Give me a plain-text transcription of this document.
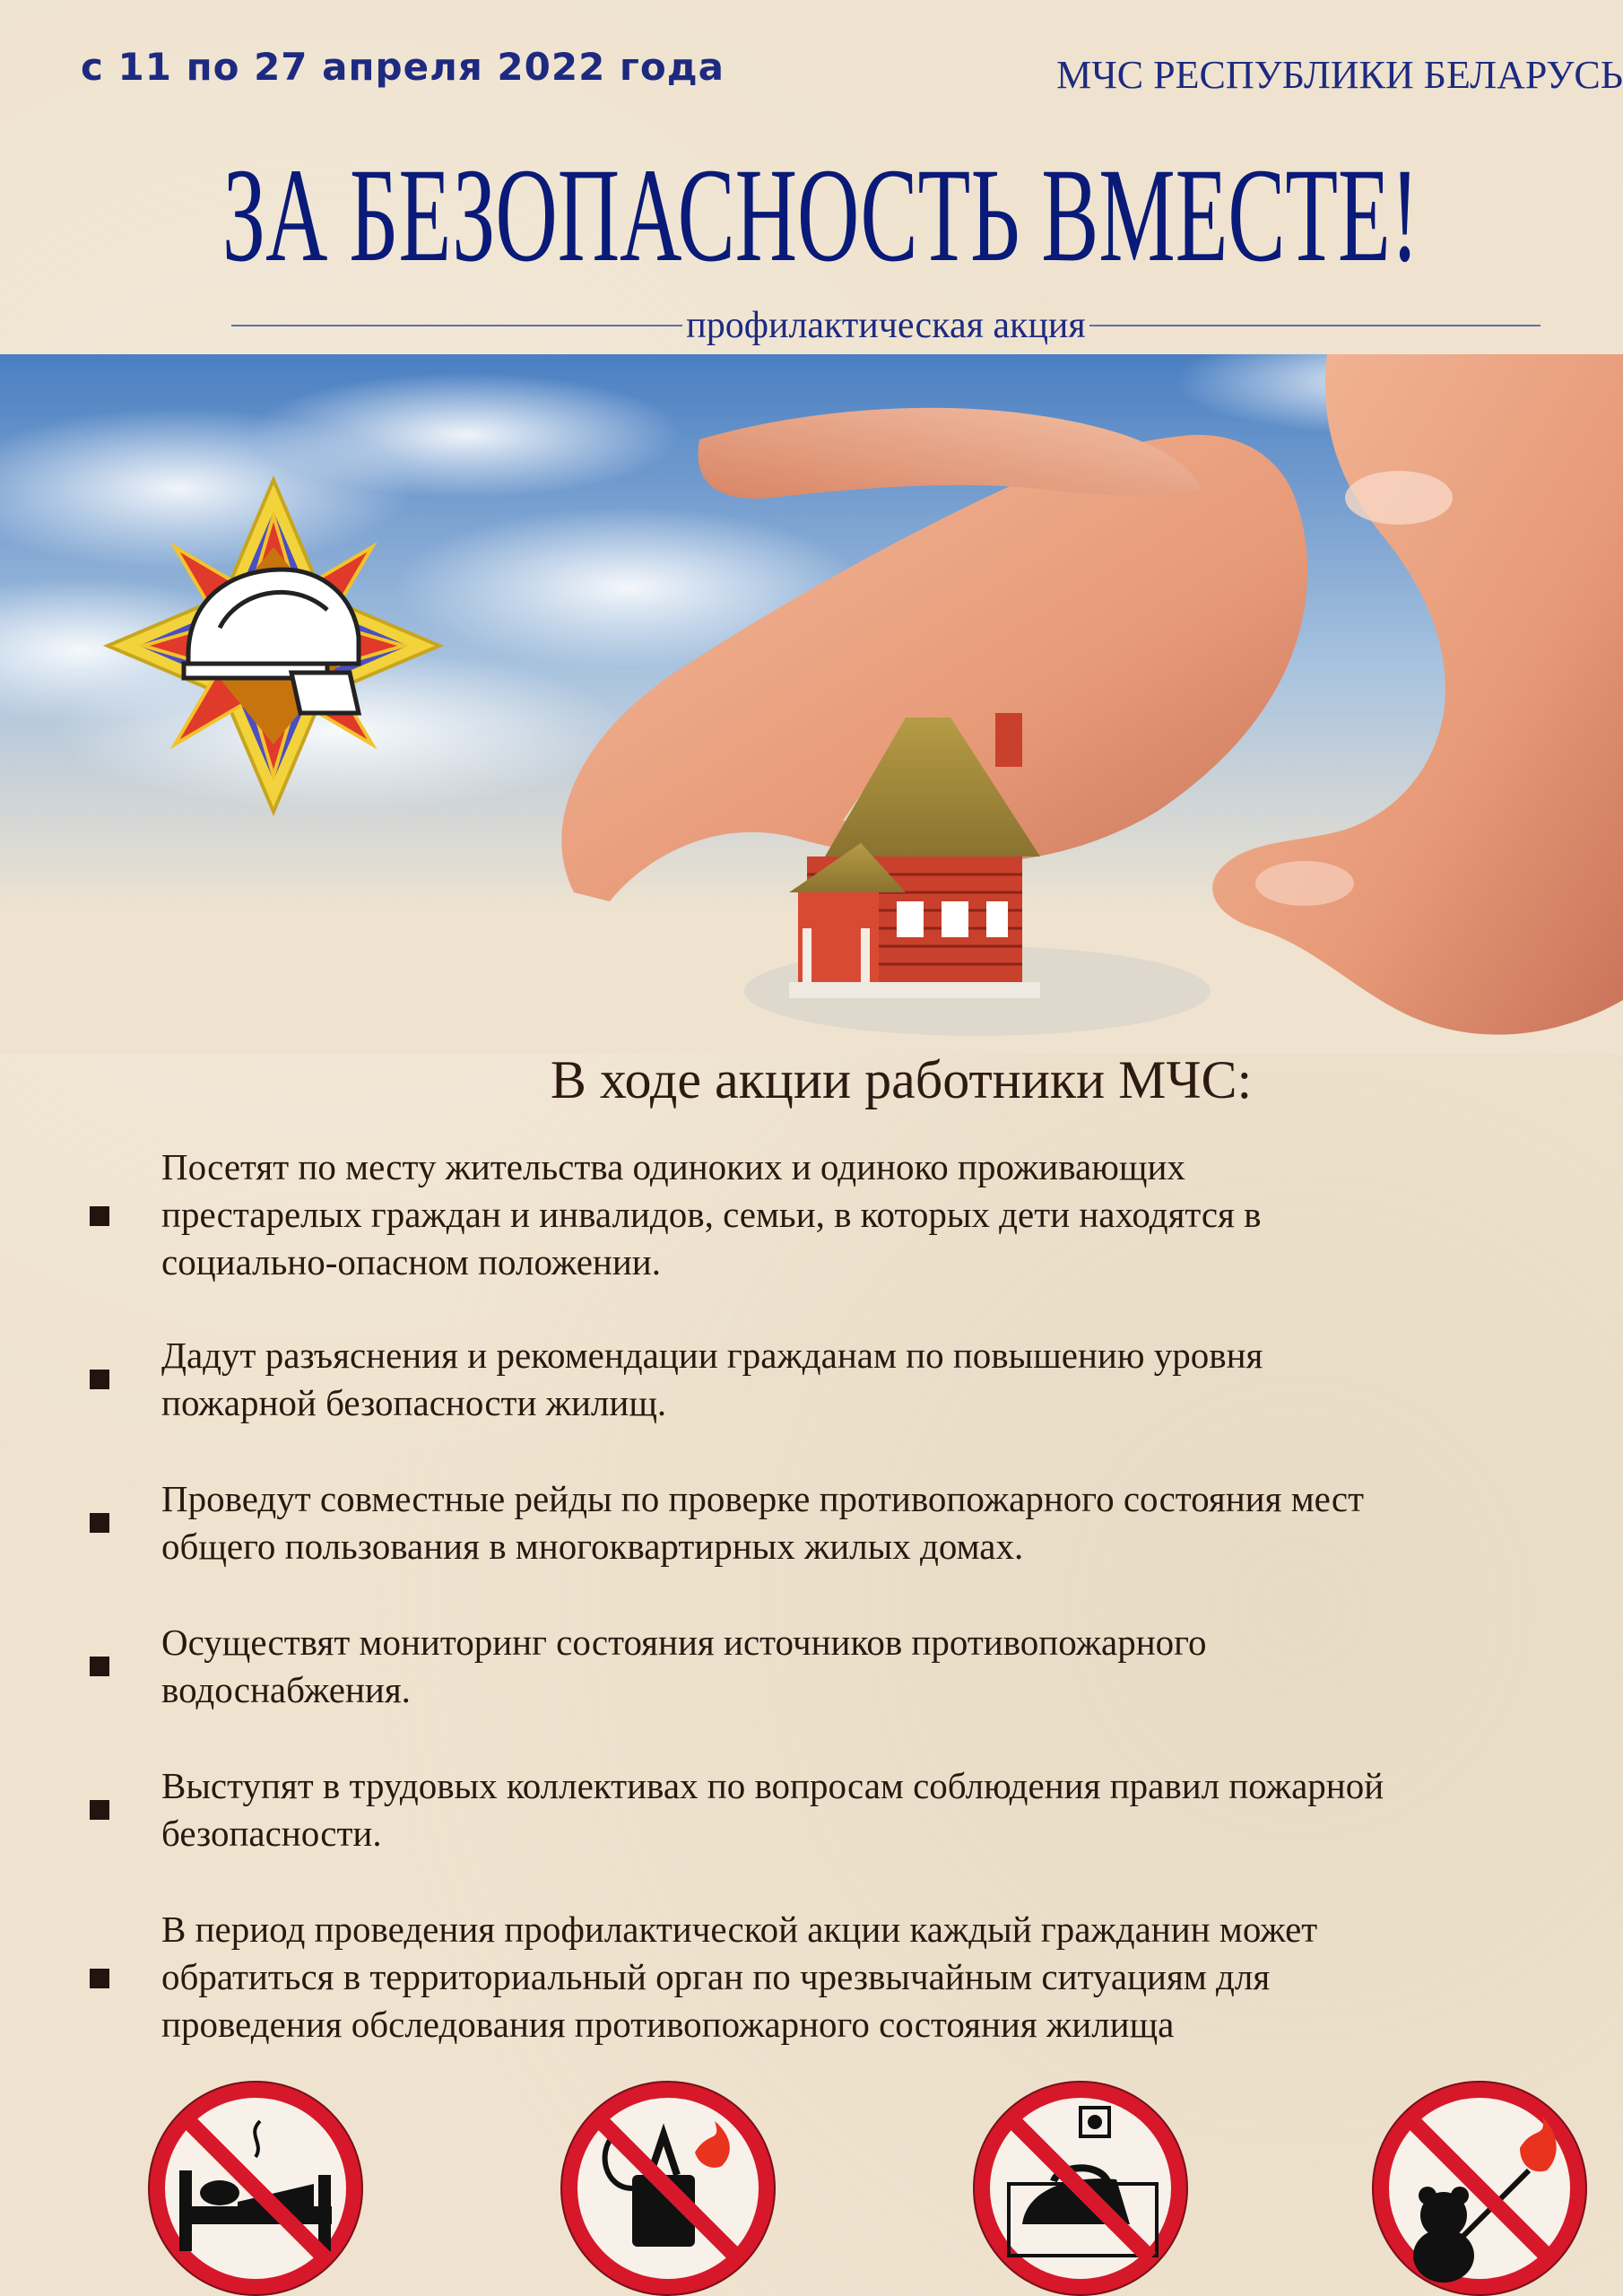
с 11 по 27 апреля 2022 года	МЧС РЕСПУБЛИКИ БЕЛАРУСЬ
ЗА БЕЗОПАСНОСТЬ ВМЕСТЕ!
профилактическая акция
В ходе акции работники МЧС:
Посетят по месту жительства одиноких и одиноко проживающих
престарелых граждан и инвалидов, семьи, в которых дети находятся в
социально-опасном положении.
Дадут разъяснения и рекомендации гражданам по повышению уровня
пожарной безопасности жилищ.
Проведут совместные рейды по проверке противопожарного состояния мест
общего пользования в многоквартирных жилых домах.
Осуществят мониторинг состояния источников противопожарного
водоснабжения.
Выступят в трудовых коллективах по вопросам соблюдения правил пожарной
безопасности.
В период проведения профилактической акции каждый гражданин может
обратиться в территориальный орган по чрезвычайным ситуациям для
проведения обследования противопожарного состояния жилища
